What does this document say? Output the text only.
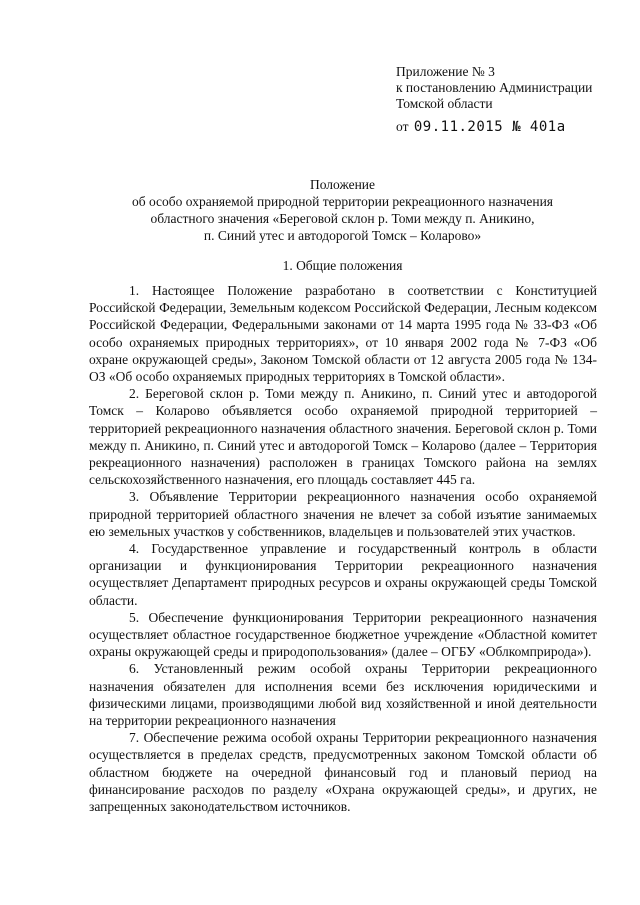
Приложение № 3
к постановлению Администрации
Томской области
от 09.11.2015 № 401а
Положение
об особо охраняемой природной территории рекреационного назначения
областного значения «Береговой склон р. Томи между п. Аникино,
п. Синий утес и автодорогой Томск – Коларово»
1. Общие положения

1. Настоящее Положение разработано в соответствии с Конституцией Российской Федерации, Земельным кодексом Российской Федерации, Лесным кодексом Российской Федерации, Федеральными законами от 14 марта 1995 года № 33-ФЗ «Об особо охраняемых природных территориях», от 10 января 2002 года № 7-ФЗ «Об охране окружающей среды», Законом Томской области от 12 августа 2005 года № 134-ОЗ «Об особо охраняемых природных территориях в Томской области».

2. Береговой склон р. Томи между п. Аникино, п. Синий утес и автодорогой Томск – Коларово объявляется особо охраняемой природной территорией – территорией рекреационного назначения областного значения. Береговой склон р. Томи между п. Аникино, п. Синий утес и автодорогой Томск – Коларово (далее – Территория рекреационного назначения) расположен в границах Томского района на землях сельскохозяйственного назначения, его площадь составляет 445 га.

3. Объявление Территории рекреационного назначения особо охраняемой природной территорией областного значения не влечет за собой изъятие занимаемых ею земельных участков у собственников, владельцев и пользователей этих участков.

4. Государственное управление и государственный контроль в области организации и функционирования Территории рекреационного назначения осуществляет Департамент природных ресурсов и охраны окружающей среды Томской области.

5. Обеспечение функционирования Территории рекреационного назначения осуществляет областное государственное бюджетное учреждение «Областной комитет охраны окружающей среды и природопользования» (далее – ОГБУ «Облкомприрода»).

6. Установленный режим особой охраны Территории рекреационного назначения обязателен для исполнения всеми без исключения юридическими и физическими лицами, производящими любой вид хозяйственной и иной деятельности на территории рекреационного назначения

7. Обеспечение режима особой охраны Территории рекреационного назначения осуществляется в пределах средств, предусмотренных законом Томской области об областном бюджете на очередной финансовый год и плановый период на финансирование расходов по разделу «Охрана окружающей среды», и других, не запрещенных законодательством источников.
